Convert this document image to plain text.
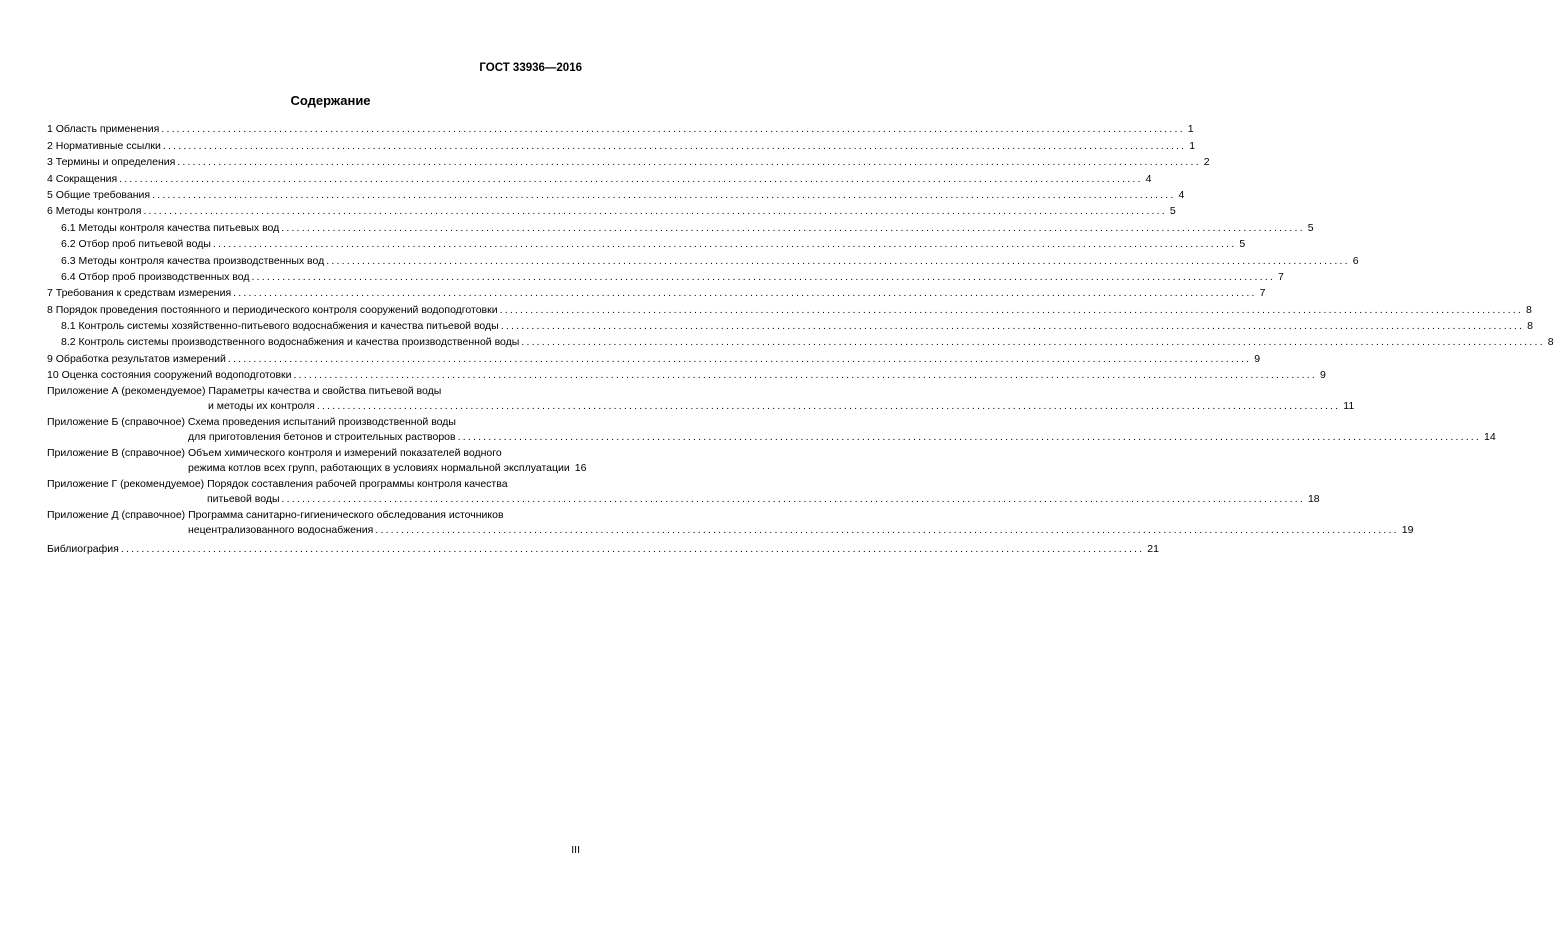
ГОСТ 33936—2016
Содержание
1 Область применения ........................................................................................................................................................................................................ 1
2 Нормативные ссылки ........................................................................................................................................................................................................ 1
3 Термины и определения ........................................................................................................................................................................................................ 2
4 Сокращения ........................................................................................................................................................................................................ 4
5 Общие требования ........................................................................................................................................................................................................ 4
6 Методы контроля ........................................................................................................................................................................................................ 5
6.1 Методы контроля качества питьевых вод ........................................................................................................................................................................................................ 5
6.2 Отбор проб питьевой воды ........................................................................................................................................................................................................ 5
6.3 Методы контроля качества производственных вод ........................................................................................................................................................................................................ 6
6.4 Отбор проб производственных вод ........................................................................................................................................................................................................ 7
7 Требования к средствам измерения ........................................................................................................................................................................................................ 7
8 Порядок проведения постоянного и периодического контроля сооружений водоподготовки ........................................................................................................................................................................................................ 8
8.1 Контроль системы хозяйственно-питьевого водоснабжения и качества питьевой воды ........................................................................................................................................................................................................ 8
8.2 Контроль системы производственного водоснабжения и качества производственной воды ........................................................................................................................................................................................................ 8
9 Обработка результатов измерений ........................................................................................................................................................................................................ 9
10 Оценка состояния сооружений водоподготовки ........................................................................................................................................................................................................ 9
Приложение А (рекомендуемое) Параметры качества и свойства питьевой воды
и методы их контроля ........................................................................................................................................................................................................ 11
Приложение Б (справочное) Схема проведения испытаний производственной воды
для приготовления бетонов и строительных растворов ........................................................................................................................................................................................................ 14
Приложение В (справочное) Объем химического контроля и измерений показателей водного
режима котлов всех групп, работающих в условиях нормальной эксплуатации 16
Приложение Г (рекомендуемое) Порядок составления рабочей программы контроля качества
питьевой воды ........................................................................................................................................................................................................ 18
Приложение Д (справочное) Программа санитарно-гигиенического обследования источников
нецентрализованного водоснабжения ........................................................................................................................................................................................................ 19
Библиография ........................................................................................................................................................................................................ 21
III
